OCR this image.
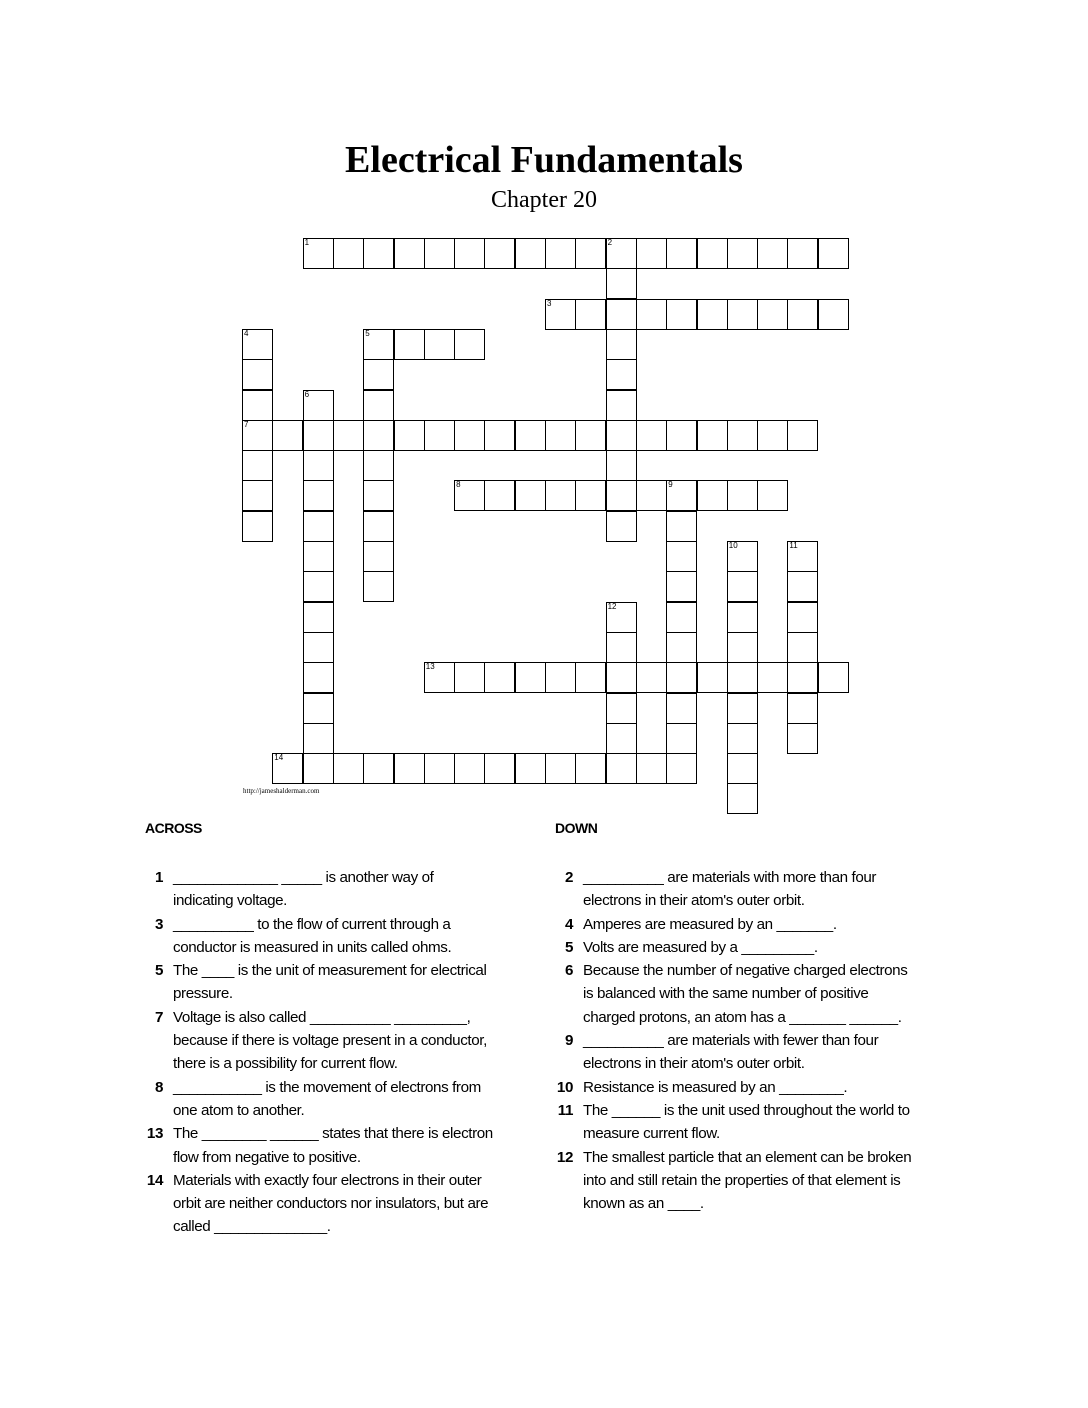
Electrical Fundamentals
Chapter 20
1	2
3
4
7
5
6
8	9
10	11
12
13
14
http://jameshalderman.com
ACROSS	DOWN
1 _____________ _____ is another way of indicating voltage.
3 __________ to the flow of current through a conductor is measured in units called ohms.
5 The ____ is the unit of measurement for electrical pressure.
7 Voltage is also called __________ _________, because if there is voltage present in a conductor, there is a possibility for current flow.
8 ___________ is the movement of electrons from one atom to another.
13 The ________ ______ states that there is electron flow from negative to positive.
14 Materials with exactly four electrons in their outer orbit are neither conductors nor insulators, but are called ______________.
2 __________ are materials with more than four electrons in their atom's outer orbit.
4 Amperes are measured by an _______.
5 Volts are measured by a _________.
6 Because the number of negative charged electrons is balanced with the same number of positive charged protons, an atom has a _______ ______.
9 __________ are materials with fewer than four electrons in their atom's outer orbit.
10 Resistance is measured by an ________.
11 The ______ is the unit used throughout the world to measure current flow.
12 The smallest particle that an element can be broken into and still retain the properties of that element is known as an ____.
